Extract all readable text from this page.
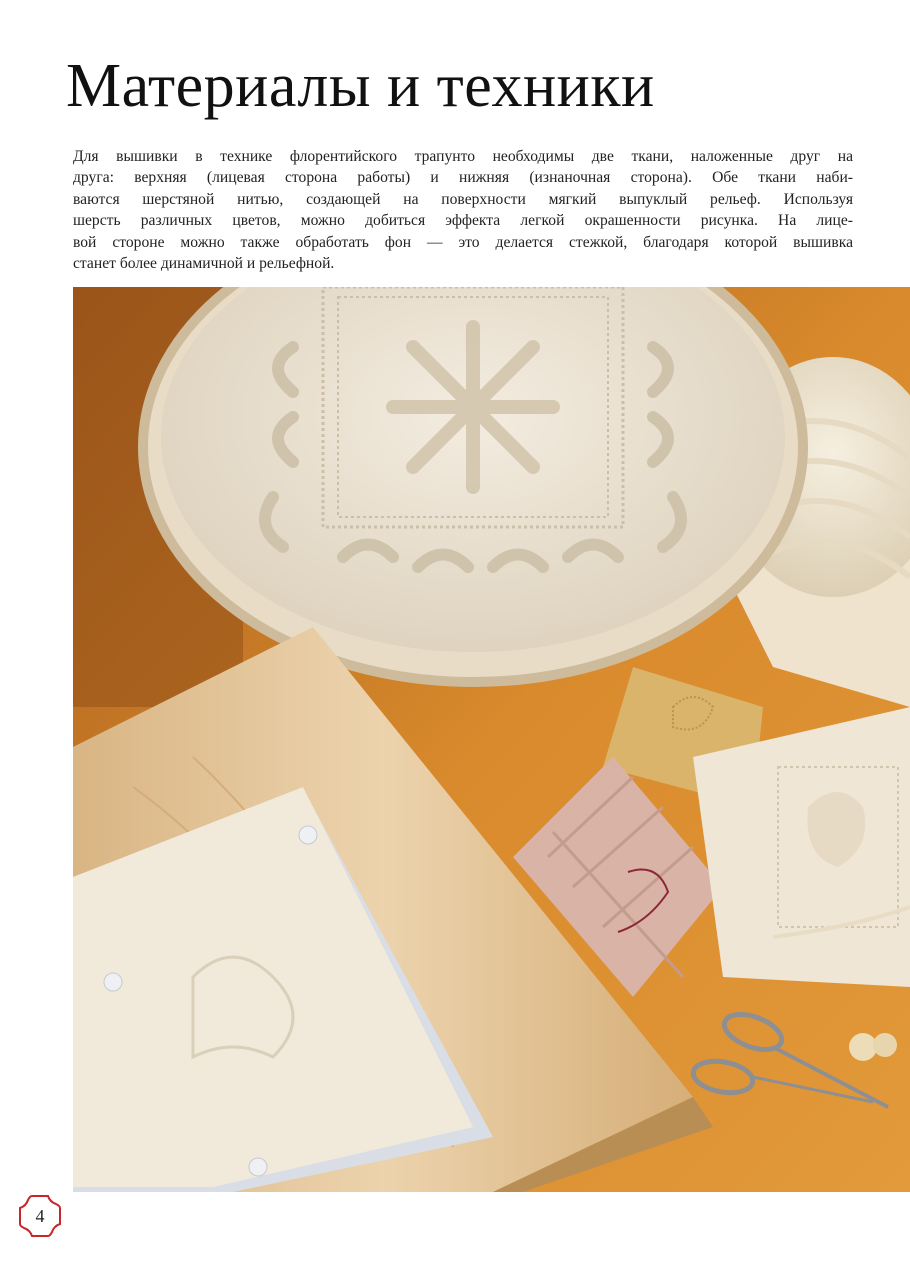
Материалы и техники

Для вышивки в технике флорентийского трапунто необходимы две ткани, наложенные друг на
друга: верхняя (лицевая сторона работы) и нижняя (изнаночная сторона). Обе ткани наби-
ваются шерстяной нитью, создающей на поверхности мягкий выпуклый рельеф. Используя
шерсть различных цветов, можно добиться эффекта легкой окрашенности рисунка. На лице-
вой стороне можно также обработать фон — это делается стежкой, благодаря которой вышивка
станет более динамичной и рельефной.

4
